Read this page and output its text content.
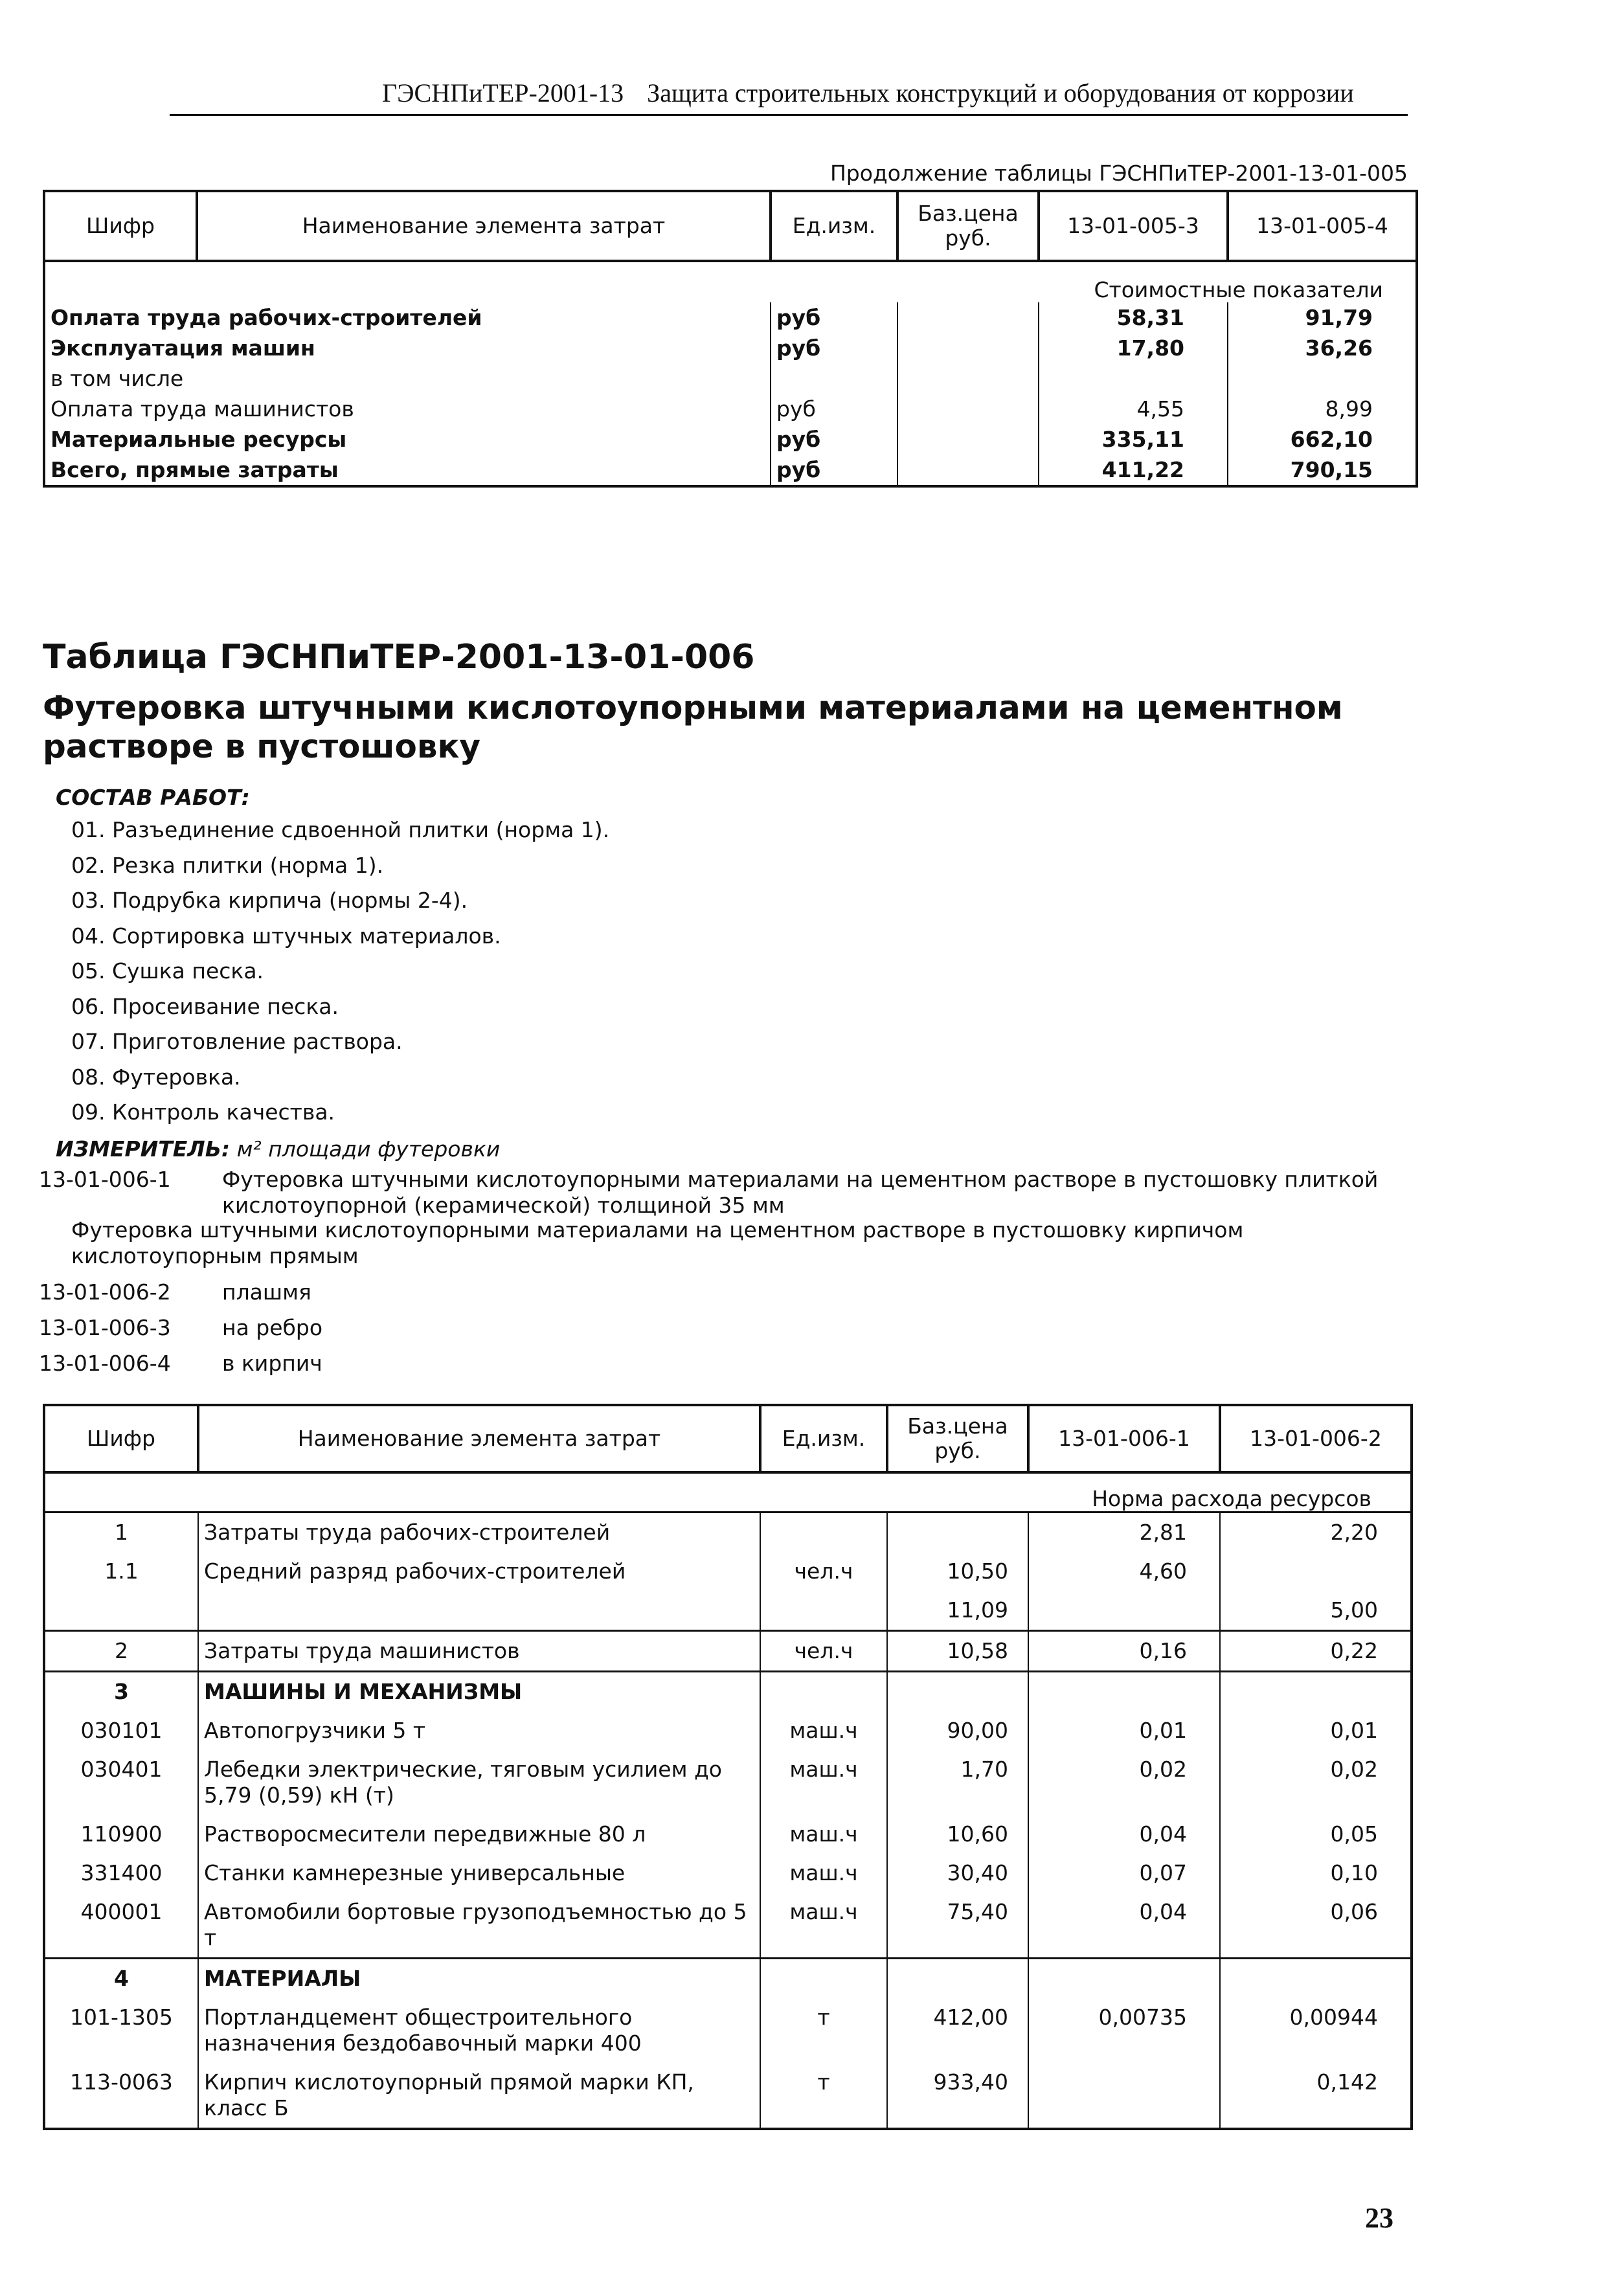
ГЭСНПиТЕР-2001-13 Защита строительных конструкций и оборудования от коррозии
Продолжение таблицы ГЭСНПиТЕР-2001-13-01-005
Шифр	Наименование элемента затрат	Ед.изм.	Баз.цена руб.	13-01-005-3	13-01-005-4
Стоимостные показатели					
Оплата труда рабочих-строителей		руб		58,31	91,79
Эксплуатация машин		руб		17,80	36,26
в том числе					
Оплата труда машинистов		руб		4,55	8,99
Материальные ресурсы		руб		335,11	662,10
Всего, прямые затраты		руб		411,22	790,15
Таблица ГЭСНПиТЕР-2001-13-01-006
Футеровка штучными кислотоупорными материалами на цементном растворе в пустошовку
СОСТАВ РАБОТ:
01. Разъединение сдвоенной плитки (норма 1).
02. Резка плитки (норма 1).
03. Подрубка кирпича (нормы 2-4).
04. Сортировка штучных материалов.
05. Сушка песка.
06. Просеивание песка.
07. Приготовление раствора.
08. Футеровка.
09. Контроль качества.
ИЗМЕРИТЕЛЬ: м² площади футеровки
13-01-006-1 Футеровка штучными кислотоупорными материалами на цементном растворе в пустошовку плиткой кислотоупорной (керамической) толщиной 35 мм
Футеровка штучными кислотоупорными материалами на цементном растворе в пустошовку кирпичом кислотоупорным прямым
13-01-006-2 плашмя
13-01-006-3 на ребро
13-01-006-4 в кирпич
Шифр	Наименование элемента затрат	Ед.изм.	Баз.цена руб.	13-01-006-1	13-01-006-2
Норма расхода ресурсов					
1	Затраты труда рабочих-строителей			2,81	2,20
1.1	Средний разряд рабочих-строителей	чел.ч	10,50	4,60	
			11,09		5,00
2	Затраты труда машинистов	чел.ч	10,58	0,16	0,22
3	МАШИНЫ И МЕХАНИЗМЫ				
030101	Автопогрузчики 5 т	маш.ч	90,00	0,01	0,01
030401	Лебедки электрические, тяговым усилием до 5,79 (0,59) кН (т)	маш.ч	1,70	0,02	0,02
110900	Растворосмесители передвижные 80 л	маш.ч	10,60	0,04	0,05
331400	Станки камнерезные универсальные	маш.ч	30,40	0,07	0,10
400001	Автомобили бортовые грузоподъемностью до 5 т	маш.ч	75,40	0,04	0,06
4	МАТЕРИАЛЫ				
101-1305	Портландцемент общестроительного назначения бездобавочный марки 400	т	412,00	0,00735	0,00944
113-0063	Кирпич кислотоупорный прямой марки КП, класс Б	т	933,40		0,142
23
